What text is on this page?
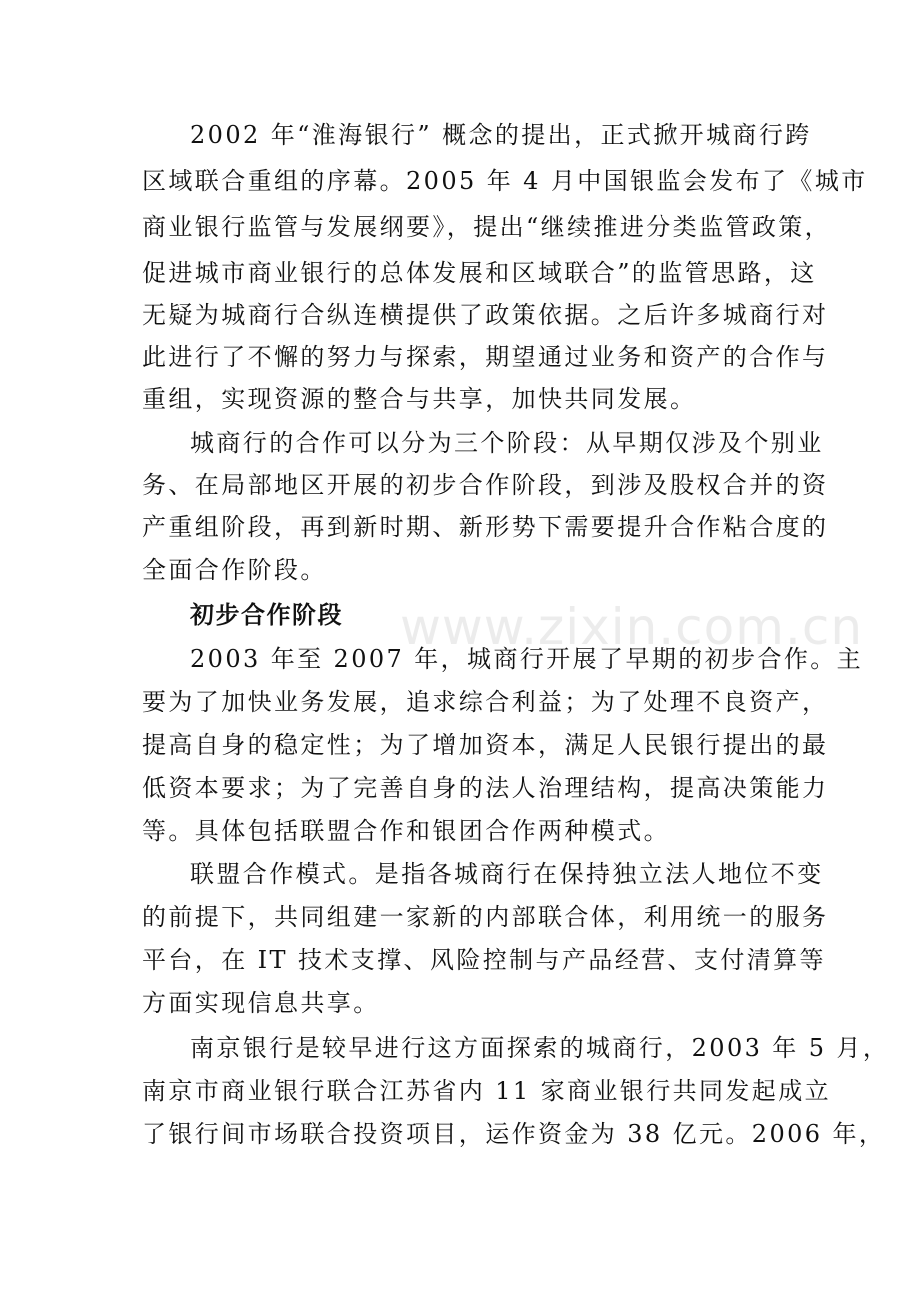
www.zixin.com.cn
2002 年“淮海银行” 概念的提出，正式掀开城商行跨
区域联合重组的序幕。2005 年 4 月中国银监会发布了《城市
商业银行监管与发展纲要》，提出“继续推进分类监管政策，
促进城市商业银行的总体发展和区域联合”的监管思路，这
无疑为城商行合纵连横提供了政策依据。之后许多城商行对
此进行了不懈的努力与探索，期望通过业务和资产的合作与
重组，实现资源的整合与共享，加快共同发展。
城商行的合作可以分为三个阶段：从早期仅涉及个别业
务、在局部地区开展的初步合作阶段，到涉及股权合并的资
产重组阶段，再到新时期、新形势下需要提升合作粘合度的
全面合作阶段。
初步合作阶段
2003 年至 2007 年，城商行开展了早期的初步合作。主
要为了加快业务发展，追求综合利益；为了处理不良资产，
提高自身的稳定性；为了增加资本，满足人民银行提出的最
低资本要求；为了完善自身的法人治理结构，提高决策能力
等。具体包括联盟合作和银团合作两种模式。
联盟合作模式。是指各城商行在保持独立法人地位不变
的前提下，共同组建一家新的内部联合体，利用统一的服务
平台，在 IT 技术支撑、风险控制与产品经营、支付清算等
方面实现信息共享。
南京银行是较早进行这方面探索的城商行，2003 年 5 月，
南京市商业银行联合江苏省内 11 家商业银行共同发起成立
了银行间市场联合投资项目，运作资金为 38 亿元。2006 年，
